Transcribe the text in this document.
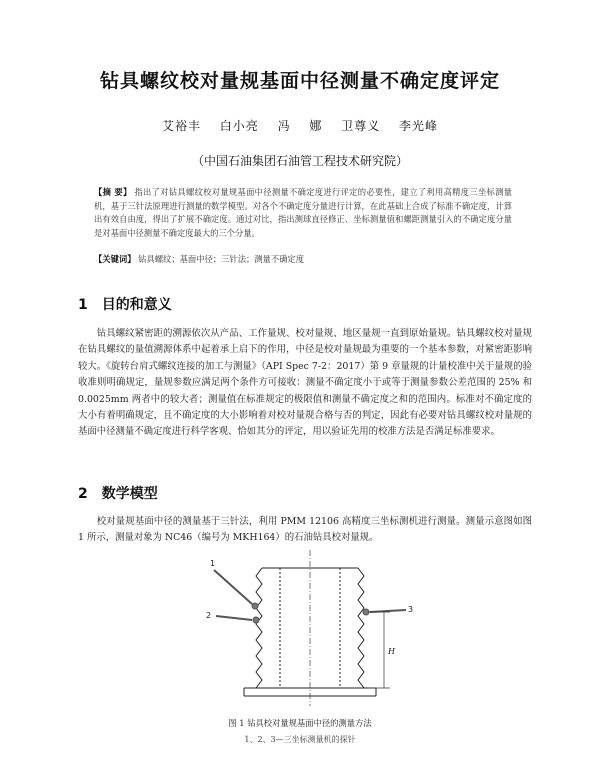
钻具螺纹校对量规基面中径测量不确定度评定
艾裕丰 白小亮 冯 娜 卫尊义 李光峰
（中国石油集团石油管工程技术研究院）
【摘 要】 指出了对钻具螺纹校对量规基面中径测量不确定度进行评定的必要性，建立了利用高精度三坐标测量机，基于三针法原理进行测量的数学模型。对各个不确定度分量进行计算，在此基础上合成了标准不确定度，计算出有效自由度，得出了扩展不确定度。通过对比，指出测球直径修正、坐标测量值和螺距测量引入的不确定度分量是对基面中径测量不确定度最大的三个分量。
【关键词】 钻具螺纹；基面中径；三针法；测量不确定度
1 目的和意义
钻具螺纹紧密距的溯源依次从产品、工作量规、校对量规、地区量规一直到原始量规。钻具螺纹校对量规在钻具螺纹的量值溯源体系中起着承上启下的作用，中径是校对量规最为重要的一个基本参数，对紧密距影响较大。《旋转台肩式螺纹连接的加工与测量》（API Spec 7-2：2017）第 9 章量规的计量校准中关于量规的验收准则明确规定，量规参数应满足两个条件方可接收：测量不确定度小于或等于测量参数公差范围的 25% 和 0.0025mm 两者中的较大者；测量值在标准规定的极限值和测量不确定度之和的范围内。标准对不确定度的大小有着明确规定，且不确定度的大小影响着对校对量规合格与否的判定，因此有必要对钻具螺纹校对量规的基面中径测量不确定度进行科学客观、恰如其分的评定，用以验证先用的校准方法是否满足标准要求。
2 数学模型
校对量规基面中径的测量基于三针法，利用 PMM 12106 高精度三坐标测机进行测量。测量示意图如图 1 所示，测量对象为 NC46（编号为 MKH164）的石油钻具校对量规。
1
2
3
H
图 1 钻具校对量规基面中径的测量方法
1、2、3—三坐标测量机的探针
